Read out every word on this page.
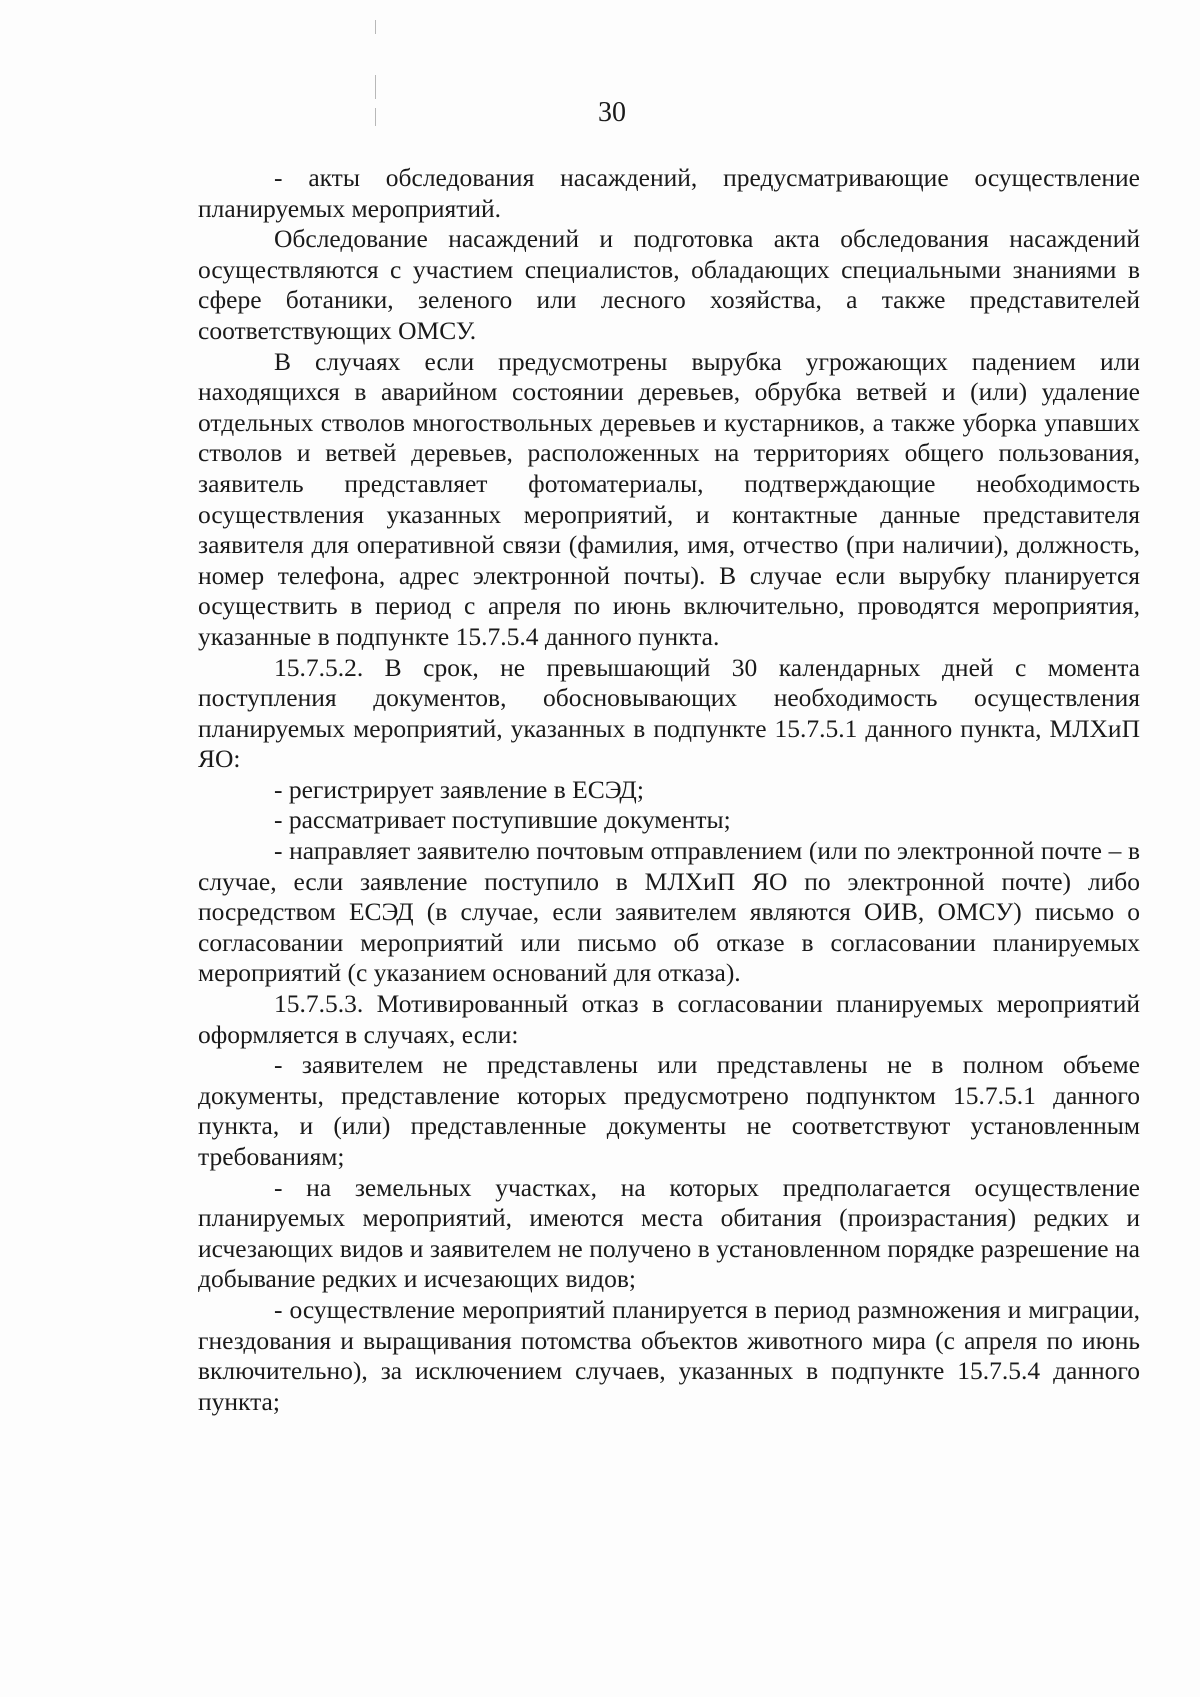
30

- акты обследования насаждений, предусматривающие осуществление планируемых мероприятий.

Обследование насаждений и подготовка акта обследования насаждений осуществляются с участием специалистов, обладающих специальными знаниями в сфере ботаники, зеленого или лесного хозяйства, а также представителей соответствующих ОМСУ.

В случаях если предусмотрены вырубка угрожающих падением или находящихся в аварийном состоянии деревьев, обрубка ветвей и (или) удаление отдельных стволов многоствольных деревьев и кустарников, а также уборка упавших стволов и ветвей деревьев, расположенных на территориях общего пользования, заявитель представляет фотоматериалы, подтверждающие необходимость осуществления указанных мероприятий, и контактные данные представителя заявителя для оперативной связи (фамилия, имя, отчество (при наличии), должность, номер телефона, адрес электронной почты). В случае если вырубку планируется осуществить в период с апреля по июнь включительно, проводятся мероприятия, указанные в подпункте 15.7.5.4 данного пункта.

15.7.5.2. В срок, не превышающий 30 календарных дней с момента поступления документов, обосновывающих необходимость осуществления планируемых мероприятий, указанных в подпункте 15.7.5.1 данного пункта, МЛХиП ЯО:

- регистрирует заявление в ЕСЭД;

- рассматривает поступившие документы;

- направляет заявителю почтовым отправлением (или по электронной почте – в случае, если заявление поступило в МЛХиП ЯО по электронной почте) либо посредством ЕСЭД (в случае, если заявителем являются ОИВ, ОМСУ) письмо о согласовании мероприятий или письмо об отказе в согласовании планируемых мероприятий (с указанием оснований для отказа).

15.7.5.3. Мотивированный отказ в согласовании планируемых мероприятий оформляется в случаях, если:

- заявителем не представлены или представлены не в полном объеме документы, представление которых предусмотрено подпунктом 15.7.5.1 данного пункта, и (или) представленные документы не соответствуют установленным требованиям;

- на земельных участках, на которых предполагается осуществление планируемых мероприятий, имеются места обитания (произрастания) редких и исчезающих видов и заявителем не получено в установленном порядке разрешение на добывание редких и исчезающих видов;

- осуществление мероприятий планируется в период размножения и миграции, гнездования и выращивания потомства объектов животного мира (с апреля по июнь включительно), за исключением случаев, указанных в подпункте 15.7.5.4 данного пункта;
